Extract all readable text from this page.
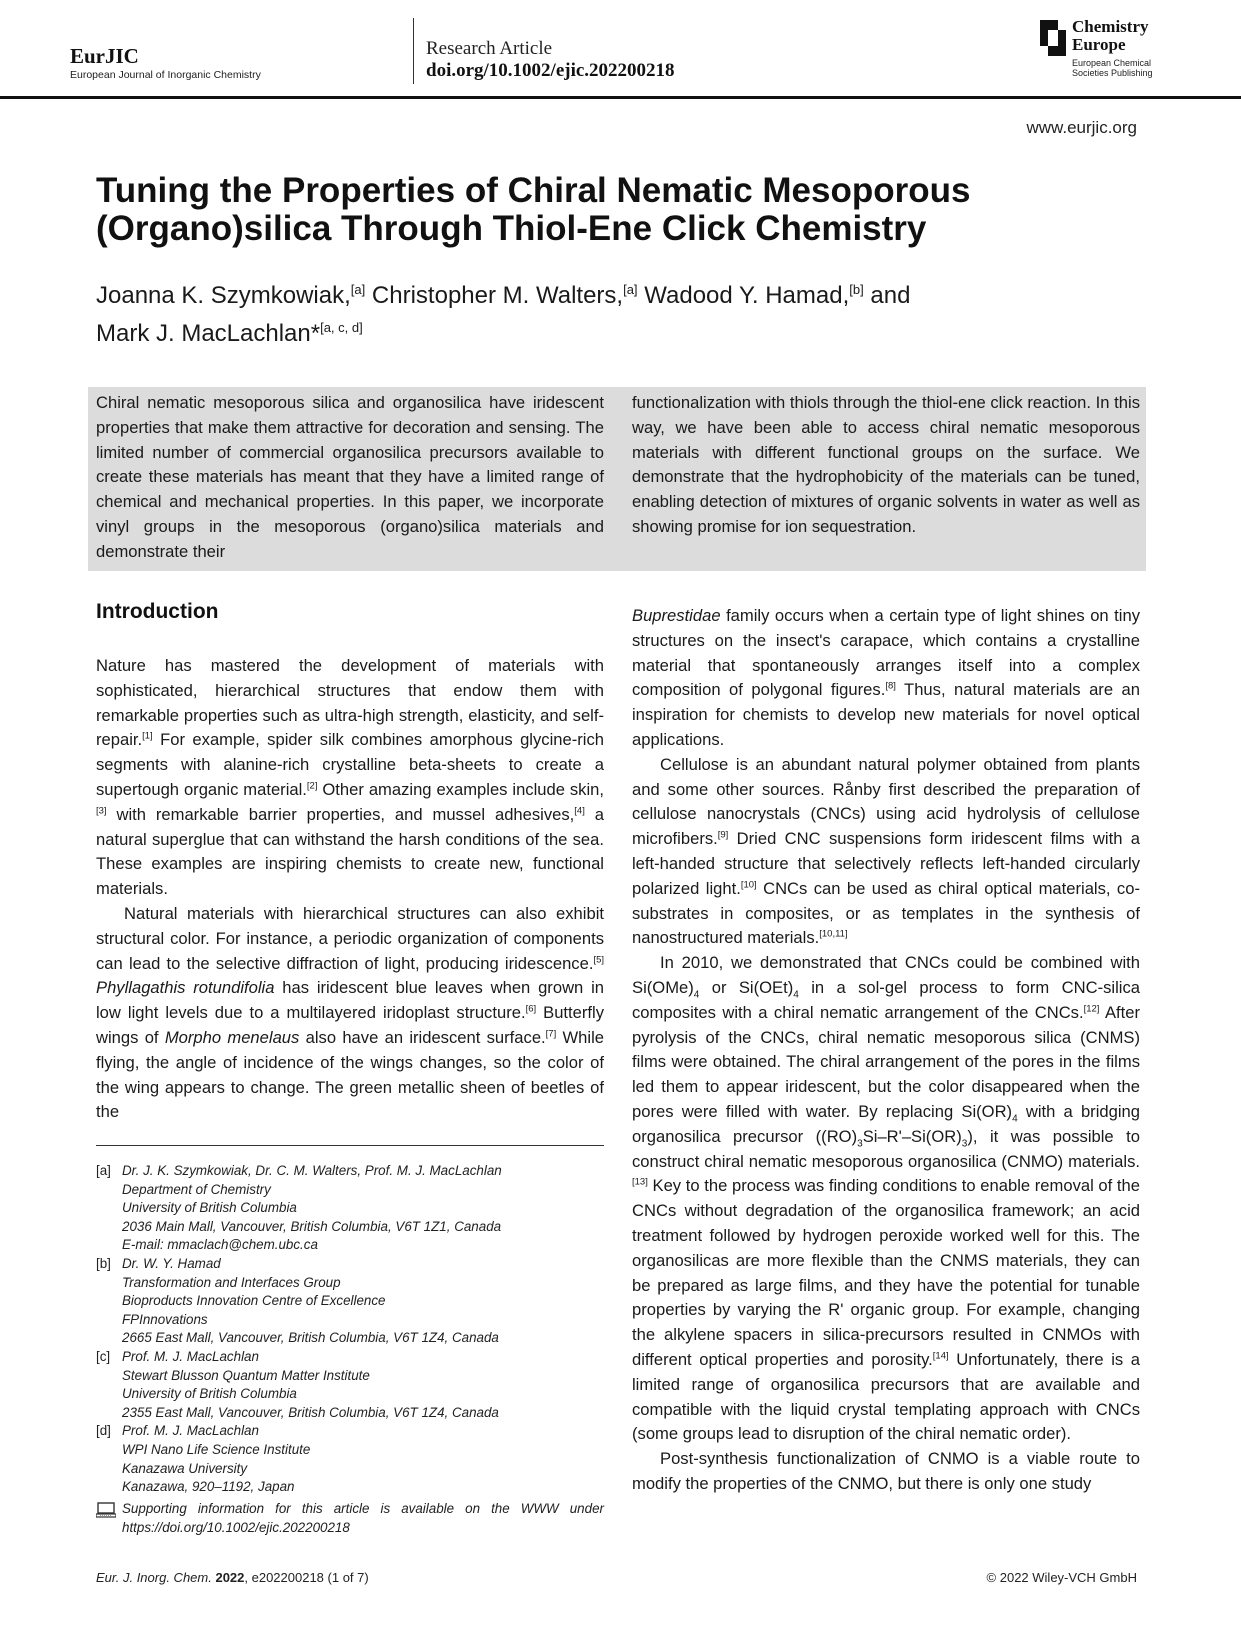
EurJIC
European Journal of Inorganic Chemistry
Research Article
doi.org/10.1002/ejic.202200218
Chemistry
Europe
European Chemical
Societies Publishing
www.eurjic.org
Tuning the Properties of Chiral Nematic Mesoporous (Organo)silica Through Thiol-Ene Click Chemistry
Joanna K. Szymkowiak,[a] Christopher M. Walters,[a] Wadood Y. Hamad,[b] and
Mark J. MacLachlan*[a, c, d]
Chiral nematic mesoporous silica and organosilica have iridescent properties that make them attractive for decoration and sensing. The limited number of commercial organosilica precursors available to create these materials has meant that they have a limited range of chemical and mechanical properties. In this paper, we incorporate vinyl groups in the mesoporous (organo)silica materials and demonstrate their
functionalization with thiols through the thiol-ene click reaction. In this way, we have been able to access chiral nematic mesoporous materials with different functional groups on the surface. We demonstrate that the hydrophobicity of the materials can be tuned, enabling detection of mixtures of organic solvents in water as well as showing promise for ion sequestration.
Introduction

Nature has mastered the development of materials with sophisticated, hierarchical structures that endow them with remarkable properties such as ultra-high strength, elasticity, and self-repair.[1] For example, spider silk combines amorphous glycine-rich segments with alanine-rich crystalline beta-sheets to create a supertough organic material.[2] Other amazing examples include skin,[3] with remarkable barrier properties, and mussel adhesives,[4] a natural superglue that can withstand the harsh conditions of the sea. These examples are inspiring chemists to create new, functional materials.

Natural materials with hierarchical structures can also exhibit structural color. For instance, a periodic organization of components can lead to the selective diffraction of light, producing iridescence.[5] Phyllagathis rotundifolia has iridescent blue leaves when grown in low light levels due to a multilayered iridoplast structure.[6] Butterfly wings of Morpho menelaus also have an iridescent surface.[7] While flying, the angle of incidence of the wings changes, so the color of the wing appears to change. The green metallic sheen of beetles of the

Buprestidae family occurs when a certain type of light shines on tiny structures on the insect's carapace, which contains a crystalline material that spontaneously arranges itself into a complex composition of polygonal figures.[8] Thus, natural materials are an inspiration for chemists to develop new materials for novel optical applications.

Cellulose is an abundant natural polymer obtained from plants and some other sources. Rånby first described the preparation of cellulose nanocrystals (CNCs) using acid hydrolysis of cellulose microfibers.[9] Dried CNC suspensions form iridescent films with a left-handed structure that selectively reflects left-handed circularly polarized light.[10] CNCs can be used as chiral optical materials, co-substrates in composites, or as templates in the synthesis of nanostructured materials.[10,11]

In 2010, we demonstrated that CNCs could be combined with $Si(OMe)_4$ or $Si(OEt)_4$ in a sol-gel process to form CNC-silica composites with a chiral nematic arrangement of the CNCs.[12] After pyrolysis of the CNCs, chiral nematic mesoporous silica (CNMS) films were obtained. The chiral arrangement of the pores in the films led them to appear iridescent, but the color disappeared when the pores were filled with water. By replacing $Si(OR)_4$ with a bridging organosilica precursor $((RO)_3Si-R'-Si(OR)_3)$, it was possible to construct chiral nematic mesoporous organosilica (CNMO) materials.[13] Key to the process was finding conditions to enable removal of the CNCs without degradation of the organosilica framework; an acid treatment followed by hydrogen peroxide worked well for this. The organosilicas are more flexible than the CNMS materials, they can be prepared as large films, and they have the potential for tunable properties by varying the R' organic group. For example, changing the alkylene spacers in silica-precursors resulted in CNMOs with different optical properties and porosity.[14] Unfortunately, there is a limited range of organosilica precursors that are available and compatible with the liquid crystal templating approach with CNCs (some groups lead to disruption of the chiral nematic order).

Post-synthesis functionalization of CNMO is a viable route to modify the properties of the CNMO, but there is only one study

[a] Dr. J. K. Szymkowiak, Dr. C. M. Walters, Prof. M. J. MacLachlan
Department of Chemistry
University of British Columbia
2036 Main Mall, Vancouver, British Columbia, V6T 1Z1, Canada
E-mail: mmaclach@chem.ubc.ca
[b] Dr. W. Y. Hamad
Transformation and Interfaces Group
Bioproducts Innovation Centre of Excellence
FPInnovations
2665 East Mall, Vancouver, British Columbia, V6T 1Z4, Canada
[c] Prof. M. J. MacLachlan
Stewart Blusson Quantum Matter Institute
University of British Columbia
2355 East Mall, Vancouver, British Columbia, V6T 1Z4, Canada
[d] Prof. M. J. MacLachlan
WPI Nano Life Science Institute
Kanazawa University
Kanazawa, 920–1192, Japan
Supporting information for this article is available on the WWW under https://doi.org/10.1002/ejic.202200218
Eur. J. Inorg. Chem. 2022, e202200218 (1 of 7)	© 2022 Wiley-VCH GmbH
